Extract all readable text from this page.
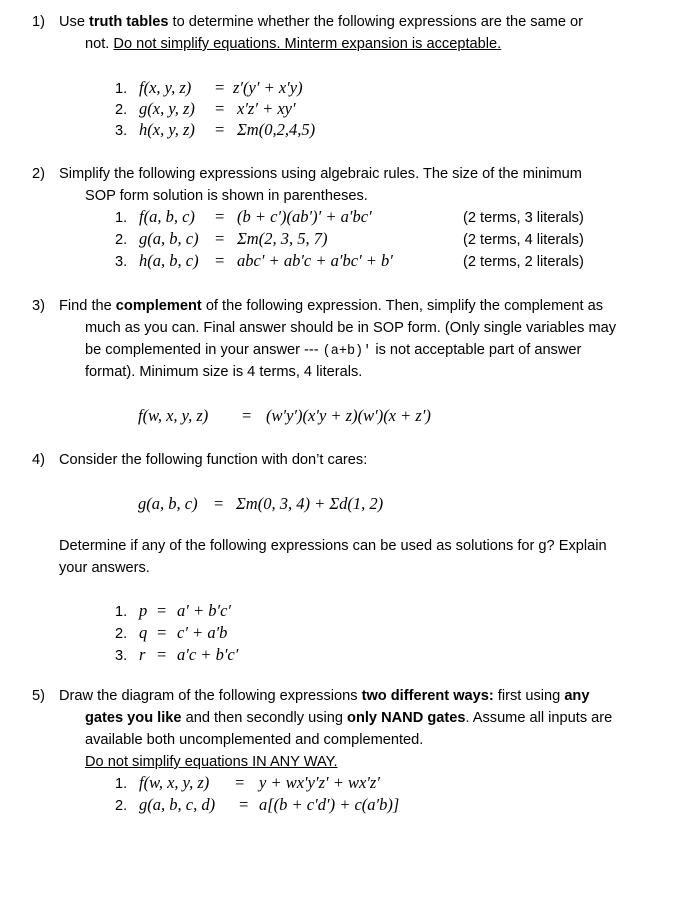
1) Use truth tables to determine whether the following expressions are the same or
not. Do not simplify equations. Minterm expansion is acceptable.
1. f(x, y, z) = z′(y′ + x′y)
2. g(x, y, z) = x′z′ + xy′
3. h(x, y, z) = Σm(0,2,4,5)
2) Simplify the following expressions using algebraic rules. The size of the minimum
SOP form solution is shown in parentheses.
1. f(a, b, c) = (b + c′)(ab′)′ + a′bc′	(2 terms, 3 literals)
2. g(a, b, c) = Σm(2, 3, 5, 7)	(2 terms, 4 literals)
3. h(a, b, c) = abc′ + ab′c + a′bc′ + b′	(2 terms, 2 literals)
3) Find the complement of the following expression. Then, simplify the complement as
much as you can. Final answer should be in SOP form. (Only single variables may
be complemented in your answer --- (a+b)' is not acceptable part of answer
format). Minimum size is 4 terms, 4 literals.
f(w, x, y, z) = (w′y′)(x′y + z)(w′)(x + z′)
4) Consider the following function with don’t cares:
g(a, b, c) = Σm(0, 3, 4) + Σd(1, 2)
Determine if any of the following expressions can be used as solutions for g? Explain
your answers.
1. p = a′ + b′c′
2. q = c′ + a′b
3. r = a′c + b′c′
5) Draw the diagram of the following expressions two different ways: first using any
gates you like and then secondly using only NAND gates. Assume all inputs are
available both uncomplemented and complemented.
Do not simplify equations IN ANY WAY.
1. f(w, x, y, z) = y + wx′y′z′ + wx′z′
2. g(a, b, c, d) = a[(b + c′d′) + c(a′b)]
